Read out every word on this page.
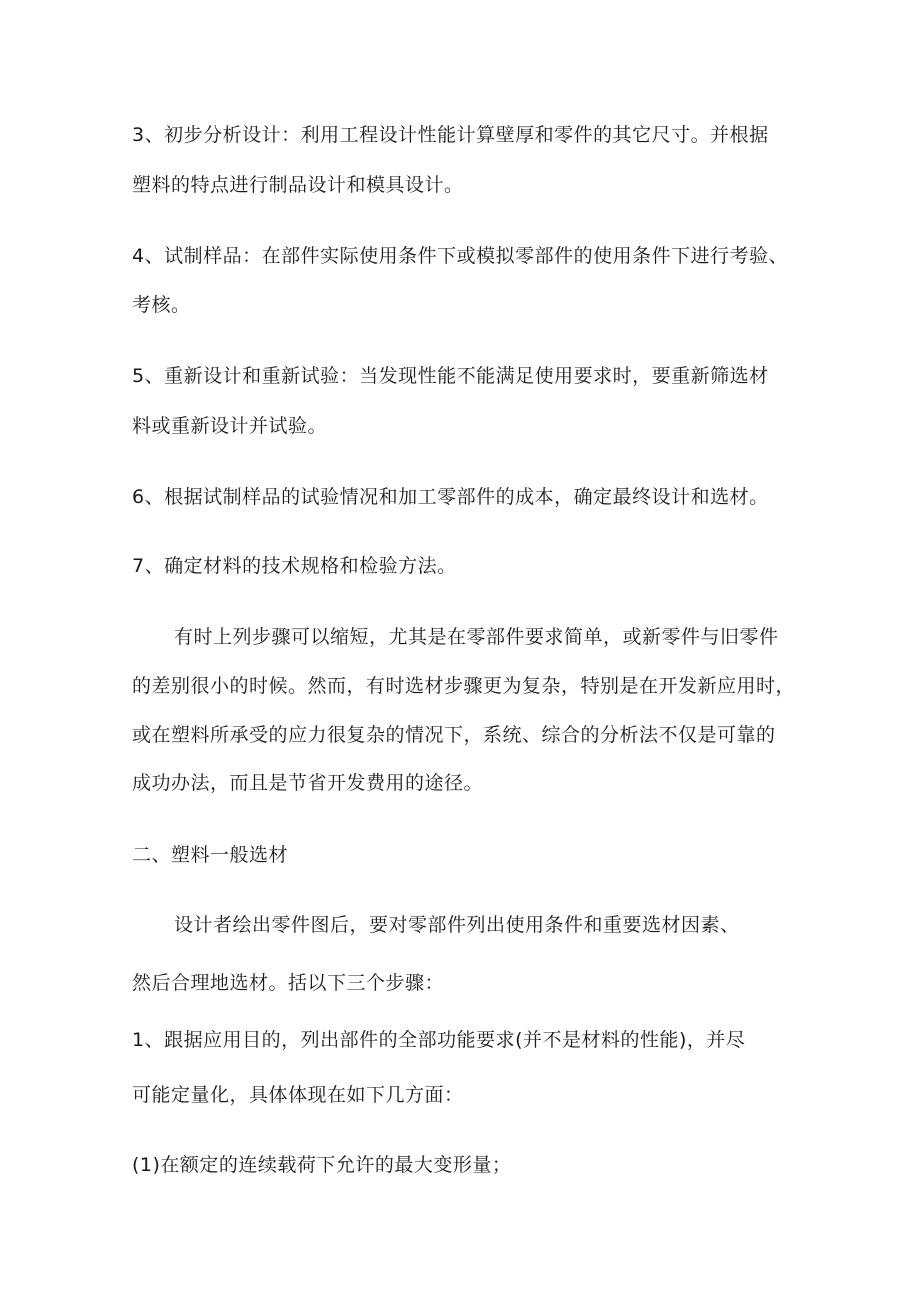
3、初步分析设计：利用工程设计性能计算壁厚和零件的其它尺寸。并根据
塑料的特点进行制品设计和模具设计。
4、试制样品：在部件实际使用条件下或模拟零部件的使用条件下进行考验、
考核。
5、重新设计和重新试验：当发现性能不能满足使用要求时，要重新筛选材
料或重新设计并试验。
6、根据试制样品的试验情况和加工零部件的成本，确定最终设计和选材。
7、确定材料的技术规格和检验方法。
有时上列步骤可以缩短，尤其是在零部件要求简单，或新零件与旧零件
的差别很小的时候。然而，有时选材步骤更为复杂，特别是在开发新应用时，
或在塑料所承受的应力很复杂的情况下，系统、综合的分析法不仅是可靠的
成功办法，而且是节省开发费用的途径。
二、塑料一般选材
设计者绘出零件图后，要对零部件列出使用条件和重要选材因素、
然后合理地选材。括以下三个步骤：
1、跟据应用目的，列出部件的全部功能要求(并不是材料的性能)，并尽
可能定量化，具体体现在如下几方面：
(1)在额定的连续载荷下允许的最大变形量；
